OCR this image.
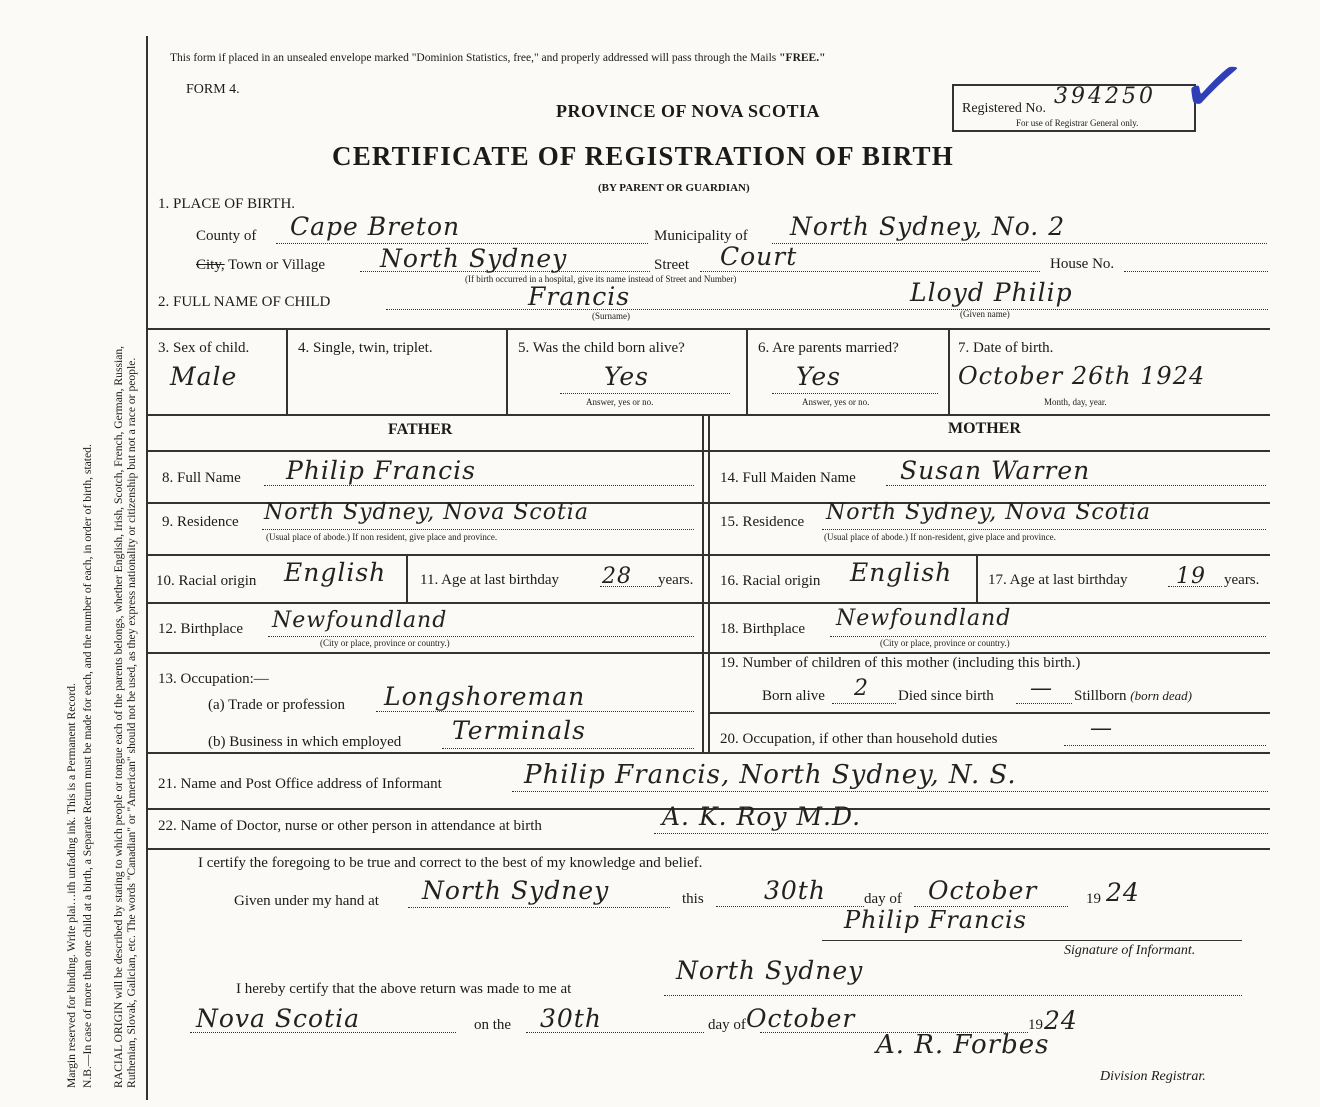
Margin reserved for binding. Write plai…ith unfading ink. This is a Permanent Record. N.B.—In case of more than one child at a birth, a Separate Return must be made for each, and the number of each, in order of birth, stated. RACIAL ORIGIN will be described by stating to which people or tongue each of the parents belongs, whether English, Irish, Scotch, French, German, Russian, Ruthenian, Slovak, Galician, etc. The words "Canadian" or "American" should not be used, as they express nationality or citizenship but not a race or people.
This form if placed in an unsealed envelope marked "Dominion Statistics, free," and properly addressed will pass through the Mails "FREE."
FORM 4.
PROVINCE OF NOVA SCOTIA
CERTIFICATE OF REGISTRATION OF BIRTH
(BY PARENT OR GUARDIAN)
Registered No. 394250
For use of Registrar General only. ✓
1. PLACE OF BIRTH.
County of Cape Breton	Municipality of North Sydney, No. 2
City, Town or Village North Sydney	Street Court	House No.
(If birth occurred in a hospital, give its name instead of Street and Number)
2. FULL NAME OF CHILD	Francis
(Surname)
Lloyd Philip
(Given name)
3. Sex of child.
Male
4. Single, twin, triplet.	5. Was the child born alive?
Yes
Answer, yes or no.
6. Are parents married?
Yes
Answer, yes or no.
7. Date of birth.
October 26th 1924
Month, day, year.
FATHER	MOTHER
8. Full Name Philip Francis
9. Residence North Sydney, Nova Scotia
(Usual place of abode.) If non resident, give place and province.
10. Racial origin English 11. Age at last birthday 28 years.
12. Birthplace Newfoundland
(City or place, province or country.)
13. Occupation:—
(a) Trade or profession Longshoreman
(b) Business in which employed Terminals
14. Full Maiden Name Susan Warren
15. Residence North Sydney, Nova Scotia
(Usual place of abode.) If non-resident, give place and province.
16. Racial origin English 17. Age at last birthday 19 years.
18. Birthplace Newfoundland
(City or place, province or country.)
19. Number of children of this mother (including this birth.)
Born alive 2 Died since birth — Stillborn (born dead)
20. Occupation, if other than household duties	—
21. Name and Post Office address of Informant	Philip Francis, North Sydney, N. S.
22. Name of Doctor, nurse or other person in attendance at birth	A. K. Roy M.D.
I certify the foregoing to be true and correct to the best of my knowledge and belief.
Given under my hand at North Sydney	this 30th	day of October	19 24
Philip Francis
Signature of Informant.
I hereby certify that the above return was made to me at
North Sydney
Nova Scotia	on the 30th	day of October	19 24
A. R. Forbes
Division Registrar.
